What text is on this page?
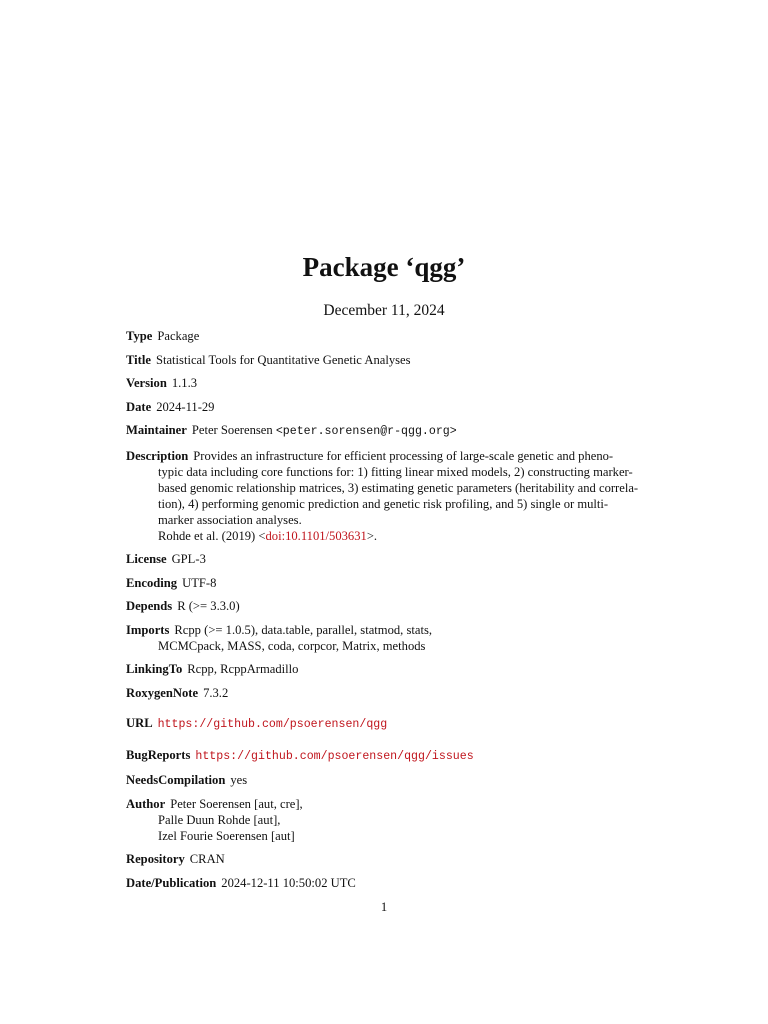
Package ‘qgg’
December 11, 2024
Type Package
Title Statistical Tools for Quantitative Genetic Analyses
Version 1.1.3
Date 2024-11-29
Maintainer Peter Soerensen <peter.sorensen@r-qgg.org>
Description Provides an infrastructure for efficient processing of large-scale genetic and pheno-
typic data including core functions for: 1) fitting linear mixed models, 2) constructing marker-
based genomic relationship matrices, 3) estimating genetic parameters (heritability and correla-
tion), 4) performing genomic prediction and genetic risk profiling, and 5) single or multi-
marker association analyses.
Rohde et al. (2019) <doi:10.1101/503631>.
License GPL-3
Encoding UTF-8
Depends R (>= 3.3.0)
Imports Rcpp (>= 1.0.5), data.table, parallel, statmod, stats,
MCMCpack, MASS, coda, corpcor, Matrix, methods
LinkingTo Rcpp, RcppArmadillo
RoxygenNote 7.3.2
URL https://github.com/psoerensen/qgg
BugReports https://github.com/psoerensen/qgg/issues
NeedsCompilation yes
Author Peter Soerensen [aut, cre],
Palle Duun Rohde [aut],
Izel Fourie Soerensen [aut]
Repository CRAN
Date/Publication 2024-12-11 10:50:02 UTC
1
